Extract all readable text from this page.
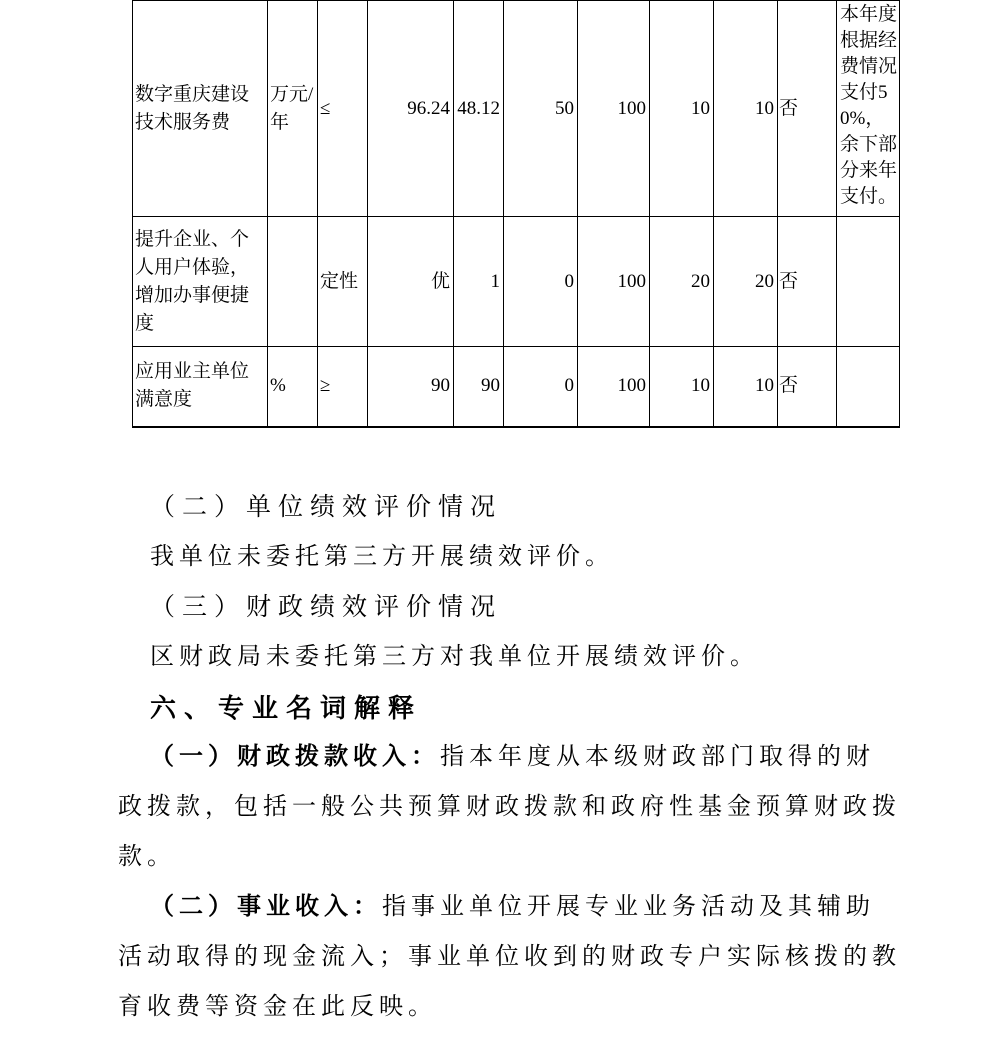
数字重庆建设技术服务费	万元/年	≤	96.24	48.12	50	100	10	10	否	本年度根据经费情况支付50%，余下部分来年支付。
提升企业、个人用户体验，增加办事便捷度		定性	优	1	0	100	20	20	否	
应用业主单位满意度	%	≥	90	90	0	100	10	10	否	
（二）单位绩效评价情况
我单位未委托第三方开展绩效评价。
（三）财政绩效评价情况
区财政局未委托第三方对我单位开展绩效评价。
六、专业名词解释
（一）财政拨款收入：指本年度从本级财政部门取得的财
政拨款，包括一般公共预算财政拨款和政府性基金预算财政拨
款。
（二）事业收入：指事业单位开展专业业务活动及其辅助
活动取得的现金流入；事业单位收到的财政专户实际核拨的教
育收费等资金在此反映。
